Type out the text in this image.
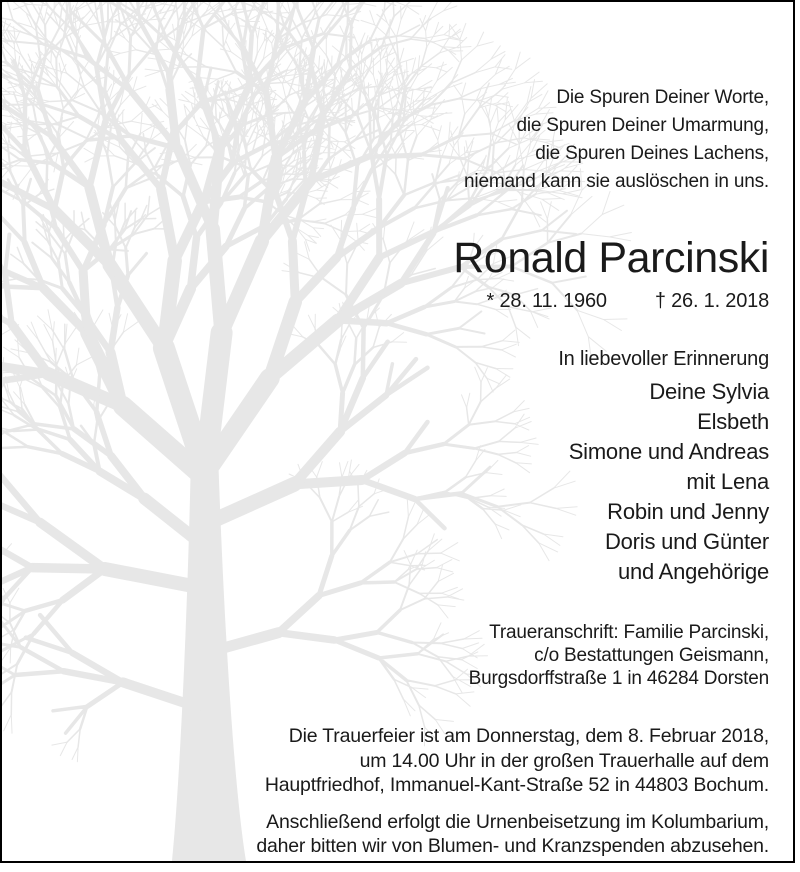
Die Spuren Deiner Worte,
die Spuren Deiner Umarmung,
die Spuren Deines Lachens,
niemand kann sie auslöschen in uns.
Ronald Parcinski
* 28. 11. 1960 † 26. 1. 2018
In liebevoller Erinnerung
Deine Sylvia
Elsbeth
Simone und Andreas
mit Lena
Robin und Jenny
Doris und Günter
und Angehörige
Traueranschrift: Familie Parcinski,
c/o Bestattungen Geismann,
Burgsdorffstraße 1 in 46284 Dorsten
Die Trauerfeier ist am Donnerstag, dem 8. Februar 2018,
um 14.00 Uhr in der großen Trauerhalle auf dem
Hauptfriedhof, Immanuel-Kant-Straße 52 in 44803 Bochum.
Anschließend erfolgt die Urnenbeisetzung im Kolumbarium,
daher bitten wir von Blumen- und Kranzspenden abzusehen.
